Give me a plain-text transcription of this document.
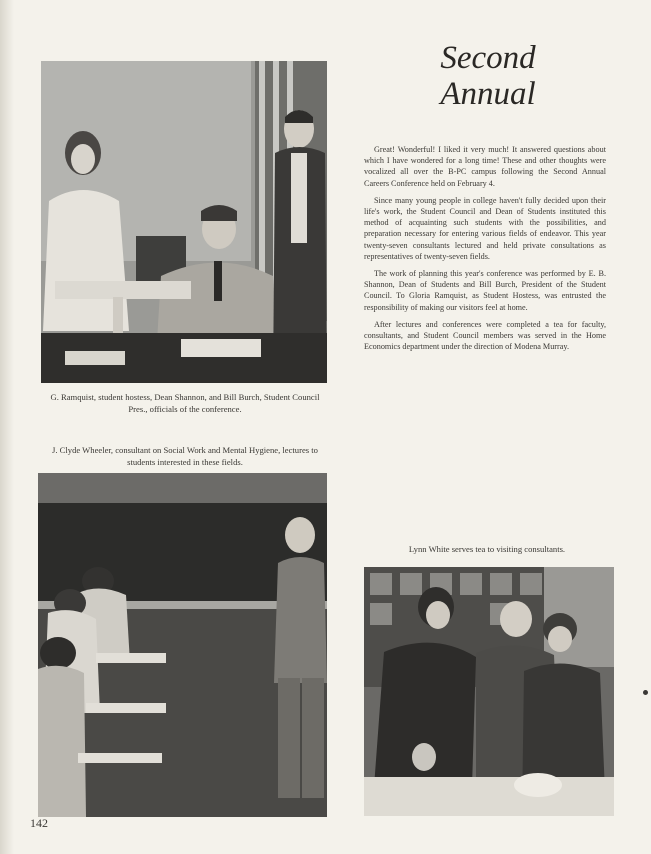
G. Ramquist, student hostess, Dean Shannon, and Bill Burch, Student Council Pres., officials of the conference.
Second
Annual

Great! Wonderful! I liked it very much! It answered questions about which I have wondered for a long time! These and other thoughts were vocalized all over the B-PC campus following the Second Annual Careers Conference held on February 4.

Since many young people in college haven't fully decided upon their life's work, the Student Council and Dean of Students instituted this method of acquainting such students with the possibilities, and preparation necessary for entering various fields of endeavor. This year twenty-seven consultants lectured and held private consultations as representatives of twenty-seven fields.

The work of planning this year's conference was performed by E. B. Shannon, Dean of Students and Bill Burch, President of the Student Council. To Gloria Ramquist, as Student Hostess, was entrusted the responsibility of making our visitors feel at home.

After lectures and conferences were completed a tea for faculty, consultants, and Student Council members was served in the Home Economics department under the direction of Modena Murray.

J. Clyde Wheeler, consultant on Social Work and Mental Hygiene, lectures to students interested in these fields.
Lynn White serves tea to visiting consultants.
142
